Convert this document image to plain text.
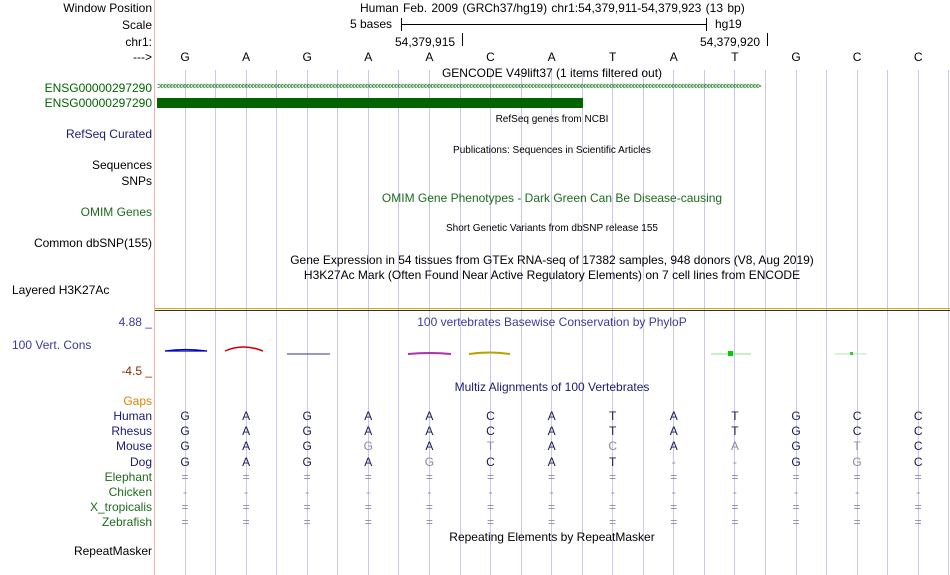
Window Position	Human Feb. 2009 (GRCh37/hg19) chr1:54,379,911-54,379,923 (13 bp)
Scale	5 bases	hg19
chr1:	54,379,915	54,379,920
--->	G	A	G	A	A	C	A	T	A	T	G	C	C
GENCODE V49lift37 (1 items filtered out)
ENSG00000297290 >>>>>>>>>>>>>>>>>>>>>>>>>>>>>>>>>>>>>>>>>>>>>>>>>>>>>>>>>>>>>>>>>>>>>>>>>>>>>>>>>>>>>>>>>>>>>>>>>>>>>>>>>>>>>>>>>>>>>>>>>>>>>>>>>>>>>>>>>>>>>>>>>>>>>>>>>>>>>>>>>>>>>>>>>>>>>>>>>>>>>>>>>
ENSG00000297290
RefSeq genes from NCBI
RefSeq Curated
Publications: Sequences in Scientific Articles
Sequences
SNPs
OMIM Gene Phenotypes - Dark Green Can Be Disease-causing
OMIM Genes
Short Genetic Variants from dbSNP release 155
Common dbSNP(155)
Gene Expression in 54 tissues from GTEx RNA-seq of 17382 samples, 948 donors (V8, Aug 2019)
H3K27Ac Mark (Often Found Near Active Regulatory Elements) on 7 cell lines from ENCODE
Layered H3K27Ac
4.88 _	100 vertebrates Basewise Conservation by PhyloP
100 Vert. Cons
-4.5 _
Multiz Alignments of 100 Vertebrates
Gaps
Human	G	A	G	A	A	C	A	T	A	T	G	C	C
Rhesus	G	A	G	A	A	C	A	T	A	T	G	C	C
Mouse	G	A	G	G	A	T	A	C	A	A	G	T	C
Dog	G	A	G	A	G	C	A	T	-	-	G	G	C
Elephant	=	=	=	=	=	=	=	=	=	=	=	=	=
Chicken	-	-	-	-	-	-	-	-	-	-	-	-	-
X_tropicalis	=	=	=	=	=	=	=	=	=	=	=	=	=
Zebrafish	=	=	=	=	=	=	=	=	=	=	=	=	=
Repeating Elements by RepeatMasker
RepeatMasker
